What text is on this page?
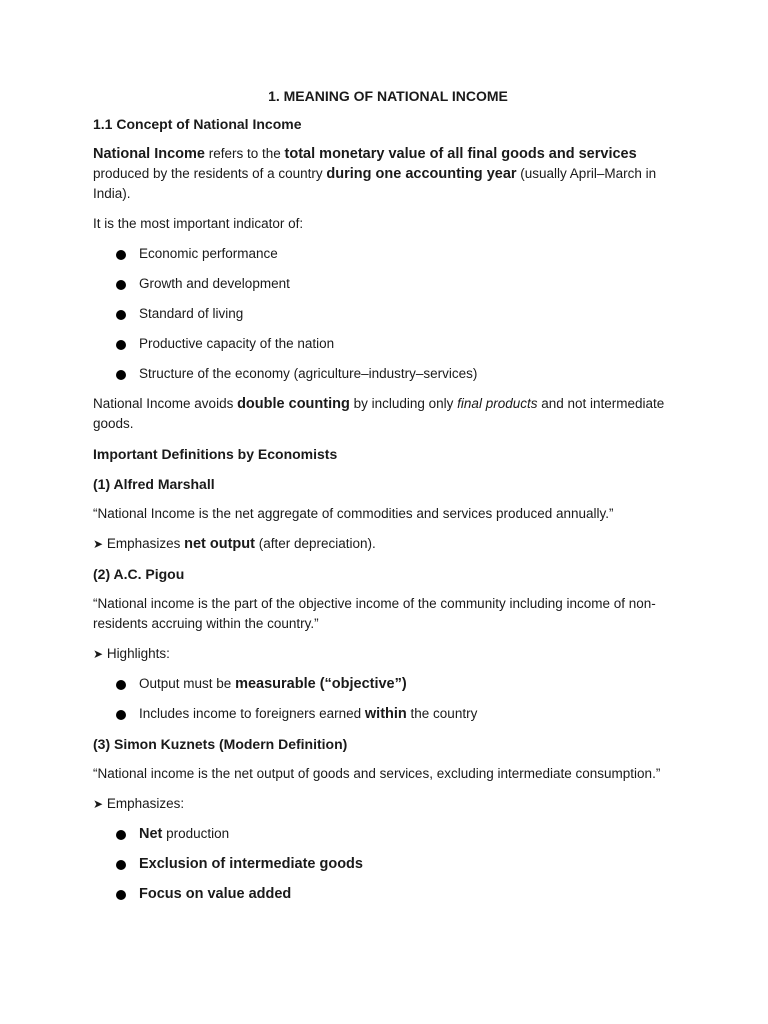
1. MEANING OF NATIONAL INCOME

1.1 Concept of National Income

National Income refers to the total monetary value of all final goods and services produced by the residents of a country during one accounting year (usually April–March in India).

It is the most important indicator of:

Economic performance
Growth and development
Standard of living
Productive capacity of the nation
Structure of the economy (agriculture–industry–services)

National Income avoids double counting by including only final products and not intermediate goods.

Important Definitions by Economists

(1) Alfred Marshall

“National Income is the net aggregate of commodities and services produced annually.”

➤ Emphasizes net output (after depreciation).

(2) A.C. Pigou

“National income is the part of the objective income of the community including income of non-residents accruing within the country.”

➤ Highlights:

Output must be measurable (“objective”)
Includes income to foreigners earned within the country

(3) Simon Kuznets (Modern Definition)

“National income is the net output of goods and services, excluding intermediate consumption.”

➤ Emphasizes:

Net production
Exclusion of intermediate goods
Focus on value added
